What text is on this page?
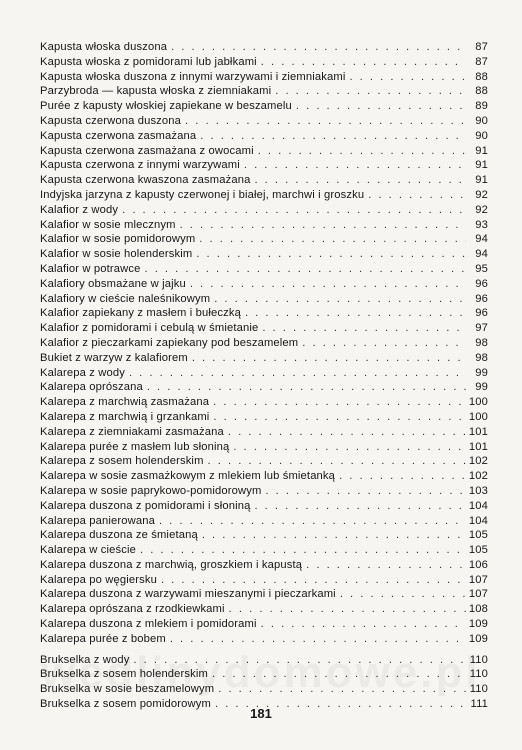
Kapusta włoska duszona . . .	87
Kapusta włoska z pomidorami lub jabłkami . . .	87
Kapusta włoska duszona z innymi warzywami i ziemniakami . . .	88
Parzybroda — kapusta włoska z ziemniakami . . .	88
Purée z kapusty włoskiej zapiekane w beszamelu . . .	89
Kapusta czerwona duszona . . .	90
Kapusta czerwona zasmażana . . .	90
Kapusta czerwona zasmażana z owocami . . .	91
Kapusta czerwona z innymi warzywami . . .	91
Kapusta czerwona kwaszona zasmażana . . .	91
Indyjska jarzyna z kapusty czerwonej i białej, marchwi i groszku . . .	92
Kalafior z wody . . .	92
Kalafior w sosie mlecznym . . .	93
Kalafior w sosie pomidorowym . . .	94
Kalafior w sosie holenderskim . . .	94
Kalafior w potrawce . . .	95
Kalafiory obsmażane w jajku . . .	96
Kalafiory w cieście naleśnikowym . . .	96
Kalafior zapiekany z masłem i bułeczką . . .	96
Kalafior z pomidorami i cebulą w śmietanie . . .	97
Kalafior z pieczarkami zapiekany pod beszamelem . . .	98
Bukiet z warzyw z kalafiorem . . .	98
Kalarepa z wody . . .	99
Kalarepa oprószana . . .	99
Kalarepa z marchwią zasmażana . . .	100
Kalarepa z marchwią i grzankami . . .	100
Kalarepa z ziemniakami zasmażana . . .	101
Kalarepa purée z masłem lub słoniną . . .	101
Kalarepa z sosem holenderskim . . .	102
Kalarepa w sosie zasmażkowym z mlekiem lub śmietanką . . .	102
Kalarepa w sosie paprykowo-pomidorowym . . .	103
Kalarepa duszona z pomidorami i słoniną . . .	104
Kalarepa panierowana . . .	104
Kalarepa duszona ze śmietaną . . .	105
Kalarepa w cieście . . .	105
Kalarepa duszona z marchwią, groszkiem i kapustą . . .	106
Kalarepa po węgiersku . . .	107
Kalarepa duszona z warzywami mieszanymi i pieczarkami . . .	107
Kalarepa oprószana z rzodkiewkami . . .	108
Kalarepa duszona z mlekiem i pomidorami . . .	109
Kalarepa purée z bobem . . .	109
Brukselka z wody . . .	110
Brukselka z sosem holenderskim . . .	110
Brukselka w sosie beszamelowym . . .	110
Brukselka z sosem pomidorowym . . .	111
181
